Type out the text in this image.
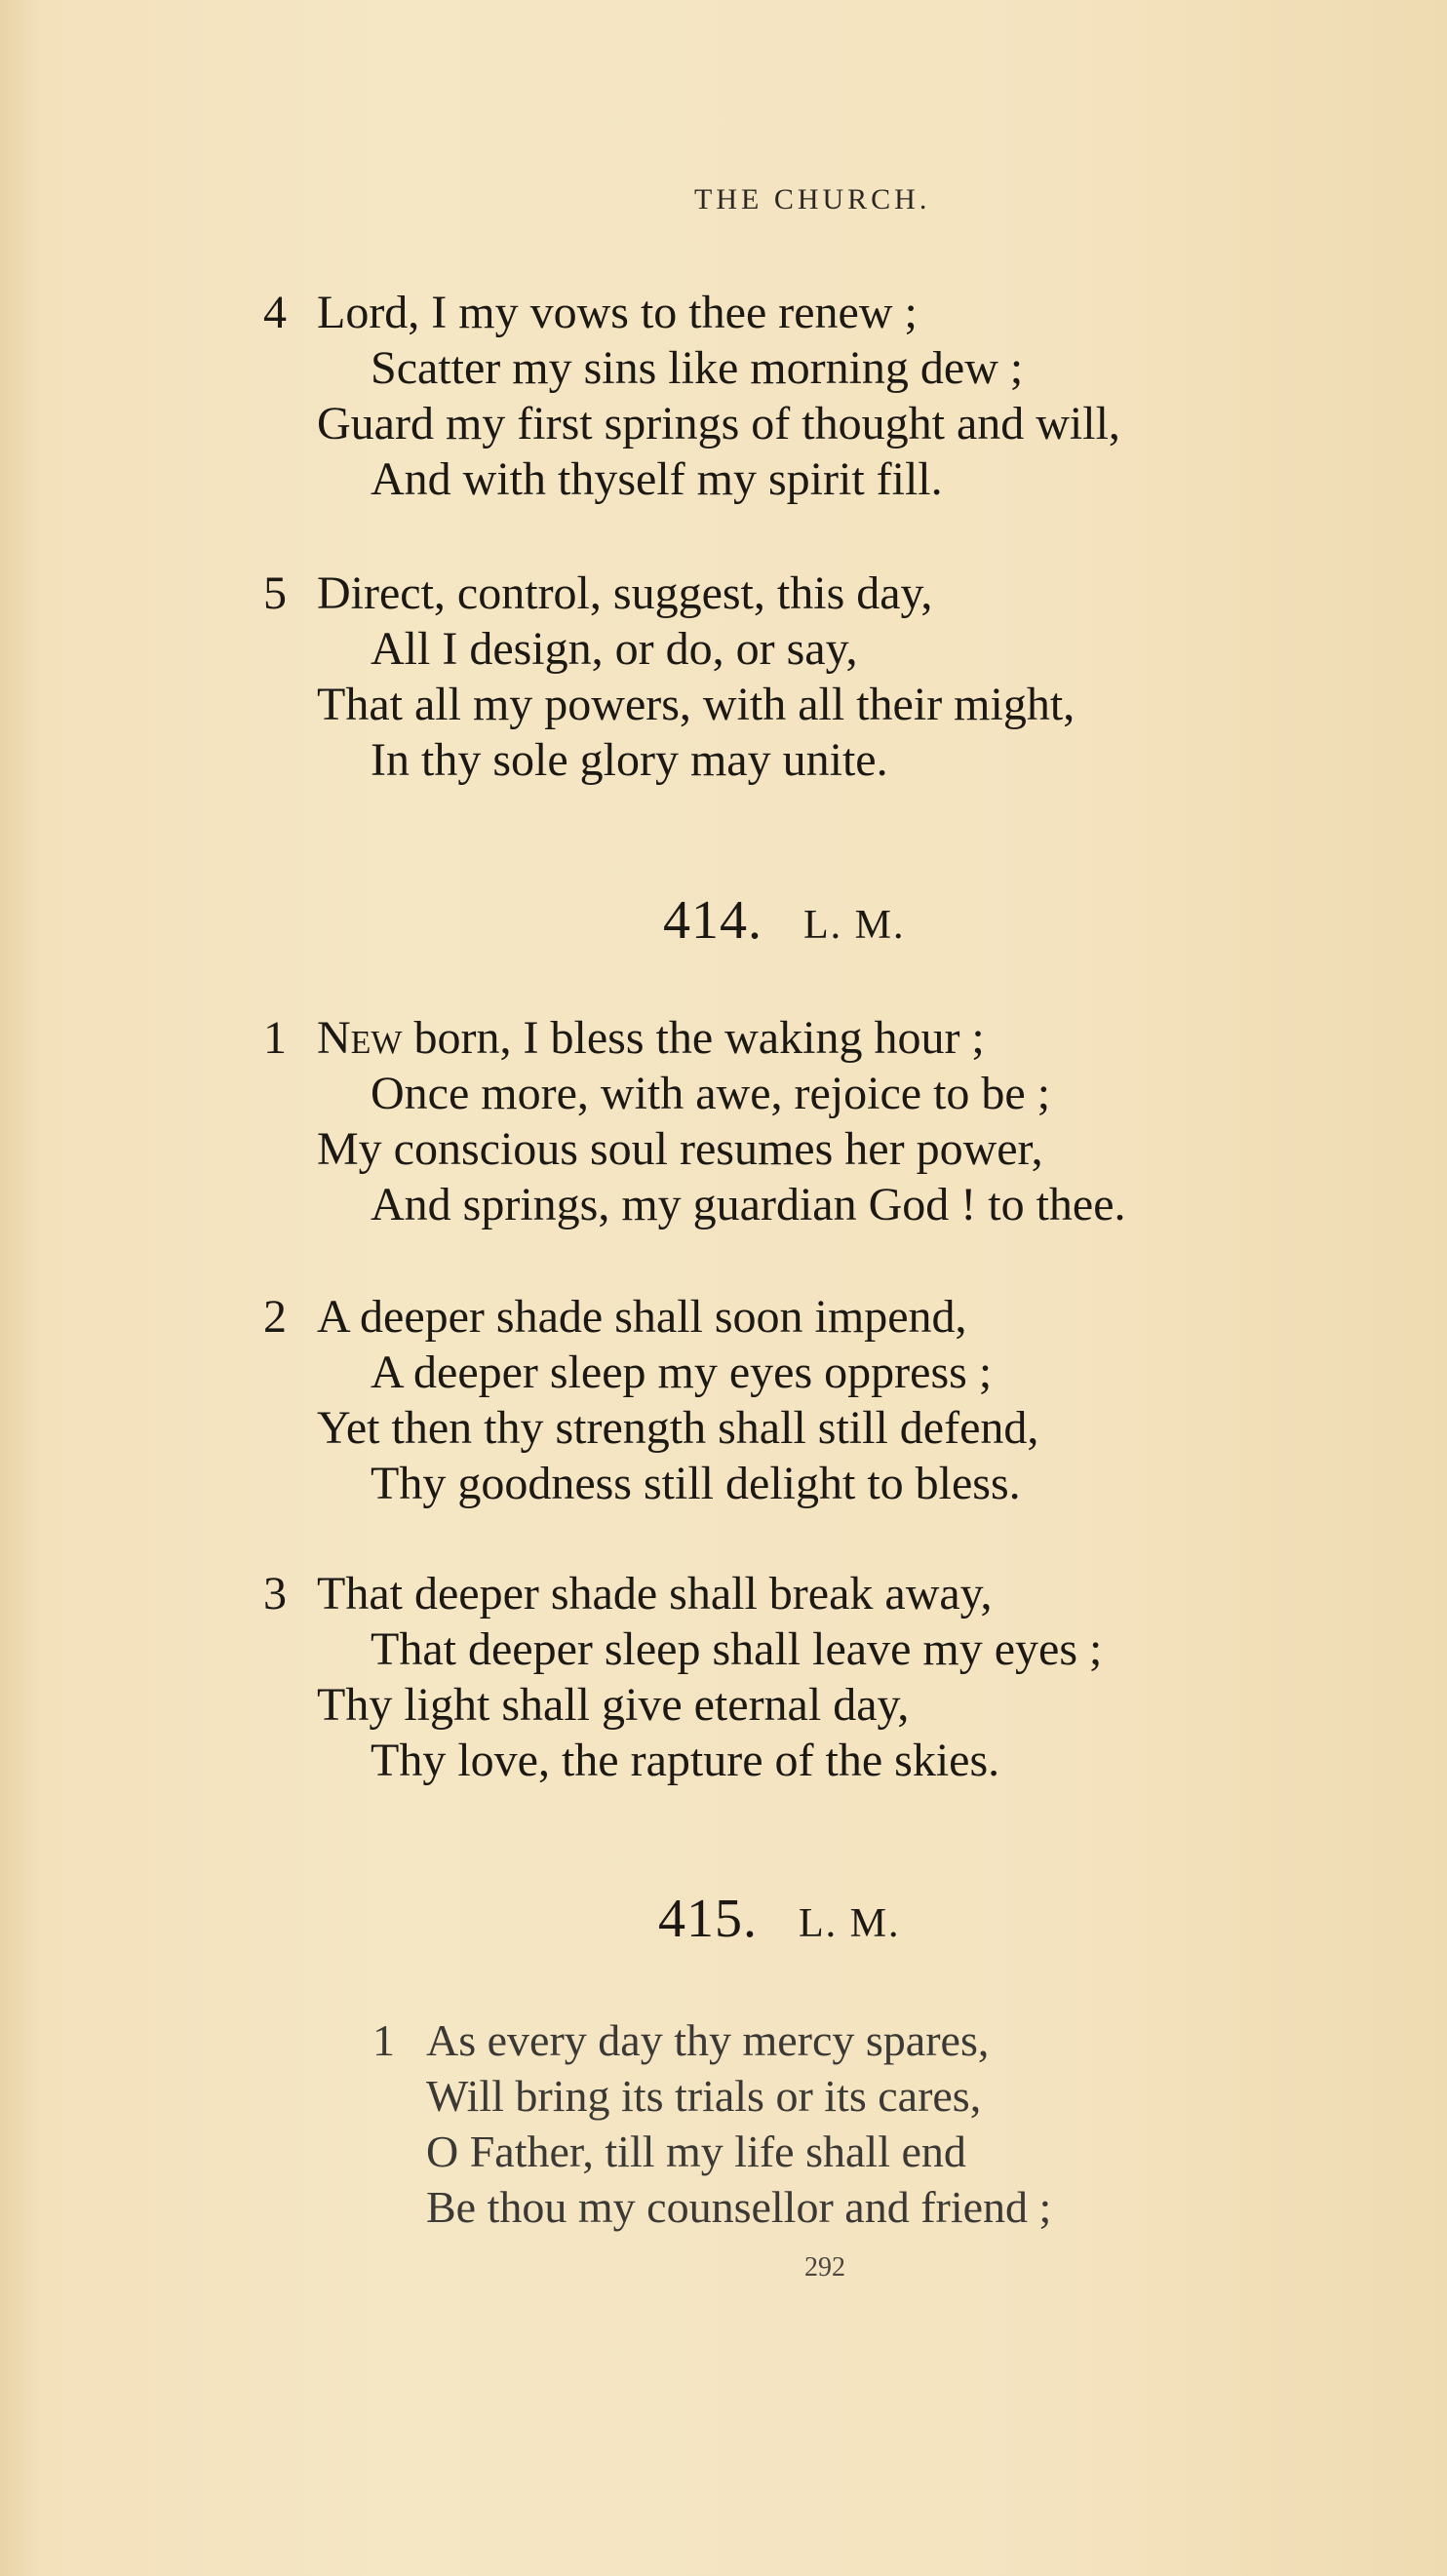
THE CHURCH.
4 Lord, I my vows to thee renew ;
Scatter my sins like morning dew ;
Guard my first springs of thought and will,
And with thyself my spirit fill.
5 Direct, control, suggest, this day,
All I design, or do, or say,
That all my powers, with all their might,
In thy sole glory may unite.
414. L. M.
1 New born, I bless the waking hour ;
Once more, with awe, rejoice to be ;
My conscious soul resumes her power,
And springs, my guardian God ! to thee.
2 A deeper shade shall soon impend,
A deeper sleep my eyes oppress ;
Yet then thy strength shall still defend,
Thy goodness still delight to bless.
3 That deeper shade shall break away,
That deeper sleep shall leave my eyes ;
Thy light shall give eternal day,
Thy love, the rapture of the skies.
415. L. M.
1 As every day thy mercy spares,
Will bring its trials or its cares,
O Father, till my life shall end
Be thou my counsellor and friend ;
292
